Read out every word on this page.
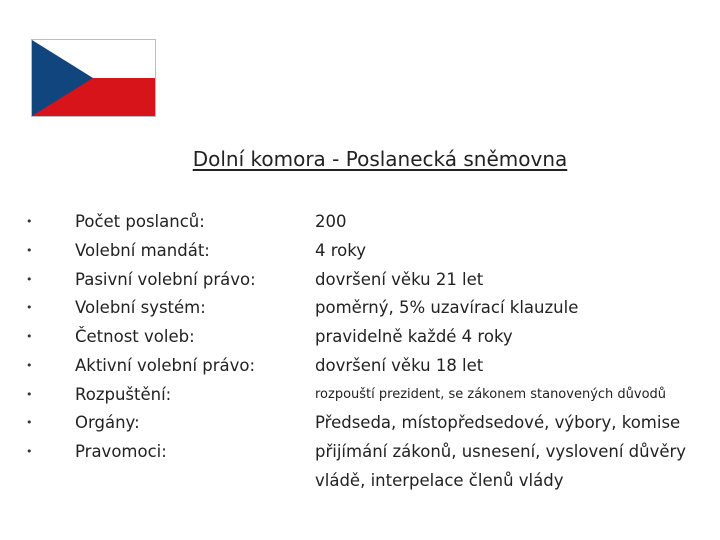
Dolní komora - Poslanecká sněmovna
•
•
•
•
•
•
•
•
•
Počet poslanců:
Volební mandát:
Pasivní volební právo:
Volební systém:
Četnost voleb:
Aktivní volební právo:
Rozpuštění:
Orgány:
Pravomoci:
200
4 roky
dovršení věku 21 let
poměrný, 5% uzavírací klauzule
pravidelně každé 4 roky
dovršení věku 18 let
rozpouští prezident, se zákonem stanovených důvodů
Předseda, místopředsedové, výbory, komise
přijímání zákonů, usnesení, vyslovení důvěry
vládě, interpelace členů vlády
